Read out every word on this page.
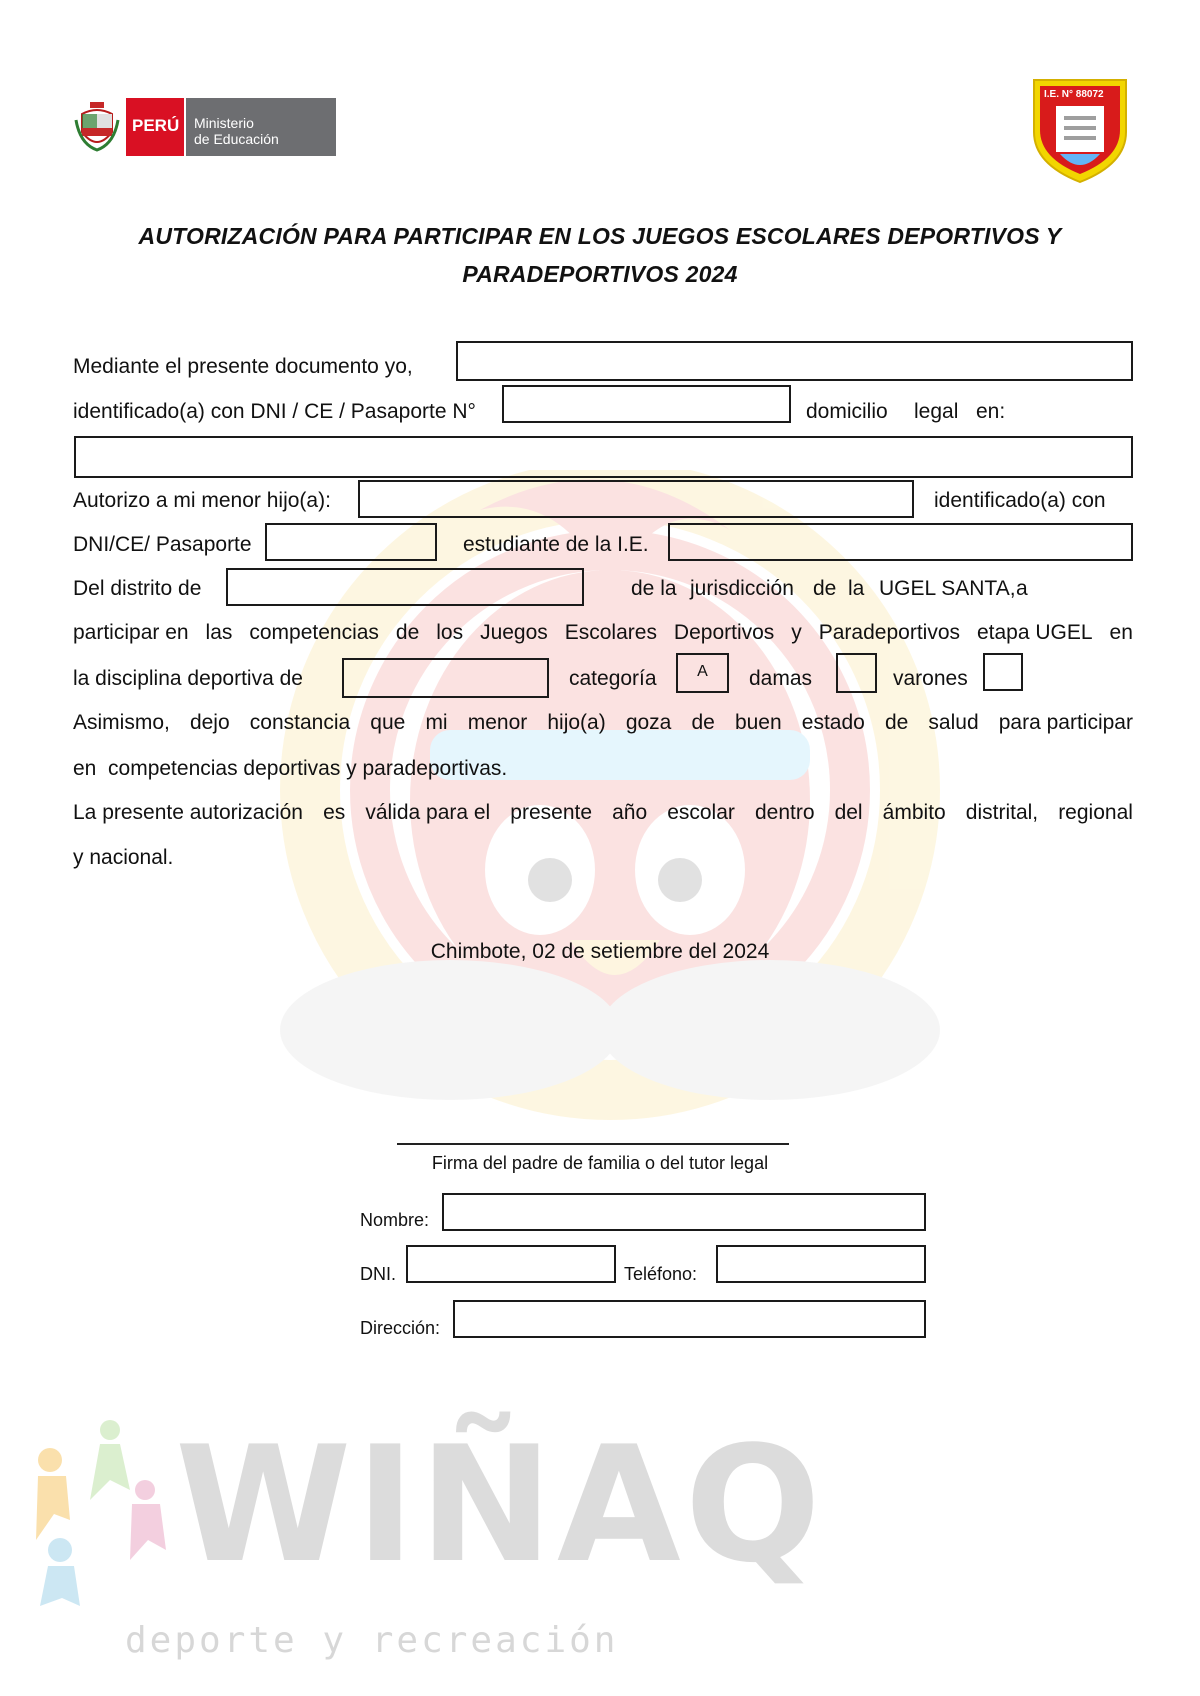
PERÚ Ministerio
de Educación
I.E. N° 88072
AUTORIZACIÓN PARA PARTICIPAR EN LOS JUEGOS ESCOLARES DEPORTIVOS Y
PARADEPORTIVOS 2024
Mediante el presente documento yo,
identificado(a) con DNI / CE / Pasaporte N°	domicilio legal en:
Autorizo a mi menor hijo(a):	identificado(a) con
DNI/CE/ Pasaporte	estudiante de la I.E.
Del distrito de	de la jurisdicción de la UGEL SANTA, a
participar en las competencias de los Juegos Escolares Deportivos y Paradeportivos etapa UGEL en
la disciplina deportiva de	categoría	A	damas	varones
Asimismo, dejo constancia que mi menor hijo(a) goza de buen estado de salud para participar
en  competencias deportivas y paradeportivas.
La presente autorización es válida para el presente año escolar dentro del ámbito distrital, regional
y nacional.
Chimbote, 02 de setiembre del 2024
Firma del padre de familia o del tutor legal
Nombre:
DNI.	Teléfono:
Dirección:
WIÑAQ
deporte y recreación
